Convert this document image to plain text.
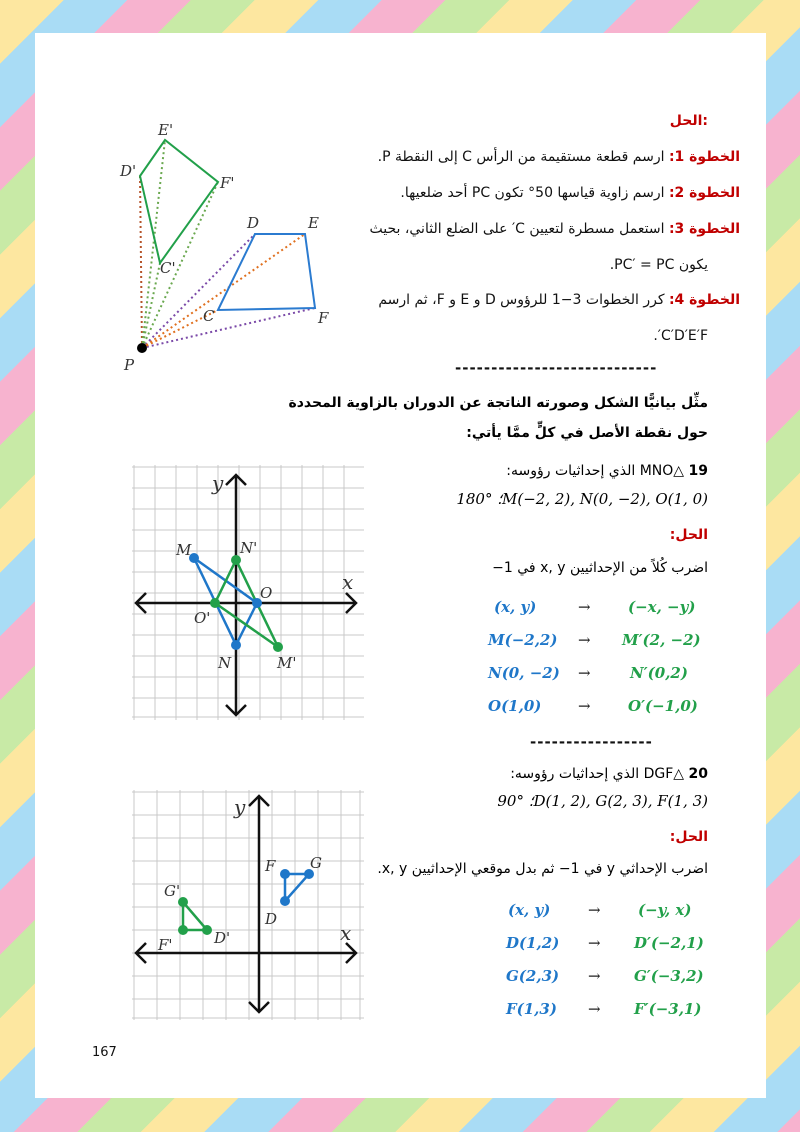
D	E
F
C
P
D'
E'
F'
C'
الحل:
الخطوة 1: ارسم قطعة مستقيمة من الرأس C إلى النقطة P.
الخطوة 2: ارسم زاوية قياسها 50° تكون PC أحد ضلعيها.
الخطوة 3: استعمل مسطرة لتعيين C′ على الضلع الثاني، بحيث
يكون PC′ = PC.
الخطوة 4: كرر الخطوات 3−1 للرؤوس D و E و F، ثم ارسم
C′D′E′F′.
----------------------------
مثِّل بيانيًّا الشكل وصورته الناتجة عن الدوران بالزاوية المحددة
حول نقطة الأصل في كلٍّ ممَّا يأتي:
y
x
M
N
O
M'
N'
O'
19 △MNO الذي إحداثيات رؤوسه:
180° ؛M(−2, 2), N(0, −2), O(1, 0)
الحل:
اضرب كُلاً من الإحداثيين x, y في 1−
(x, y)	→ (−x, −y)
M(−2,2) → M′(2, −2)
N(0, −2) →	N′(0,2)
O(1,0) → O′(−1,0)
-----------------
y
x
D
G
F
D'
G'
F'
20 △DGF الذي إحداثيات رؤوسه:
90° ؛D(1, 2), G(2, 3), F(1, 3)
الحل:
اضرب الإحداثي y في 1− ثم بدل موقعي الإحداثيين x, y.
(x, y)	→ (−y, x)
D(1,2) → D′(−2,1)
G(2,3) → G′(−3,2)
F(1,3) → F′(−3,1)
167
